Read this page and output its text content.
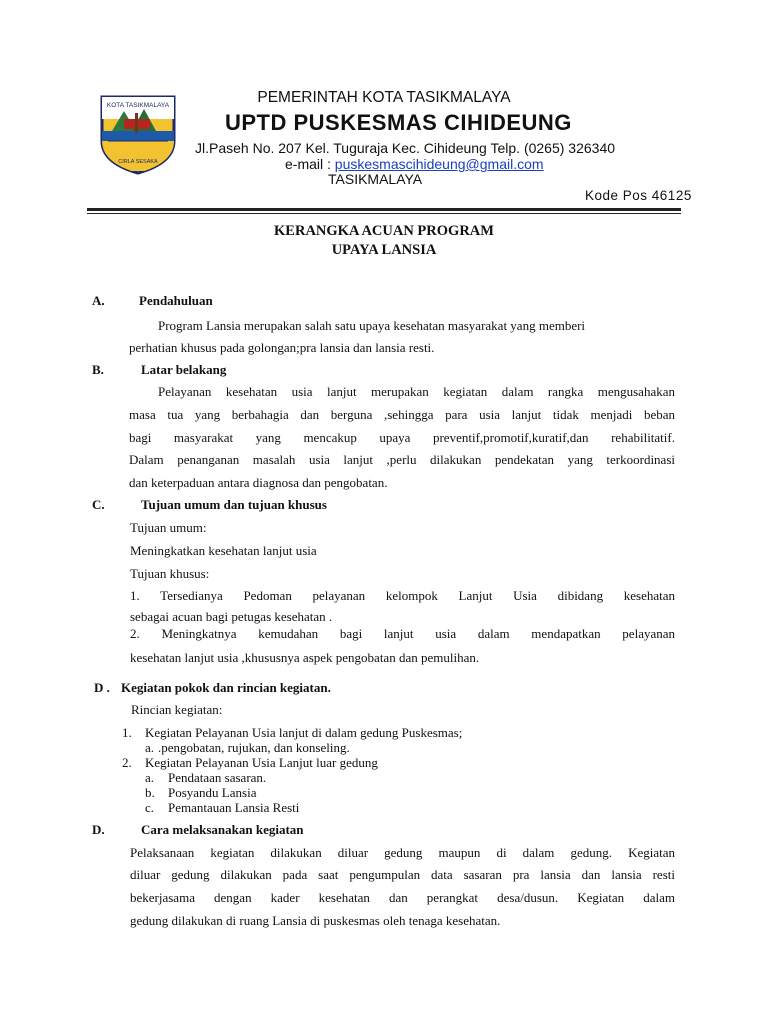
KOTA TASIKMALAYA
CIRLA SESAKA
PEMERINTAH KOTA TASIKMALAYA
UPTD PUSKESMAS CIHIDEUNG
Jl.Paseh No. 207 Kel. Tuguraja Kec. Cihideung Telp. (0265) 326340
e-mail : puskesmascihideung@gmail.com
TASIKMALAYA
Kode Pos 46125
KERANGKA ACUAN PROGRAM
UPAYA LANSIA
A.	Pendahuluan
Program Lansia merupakan salah satu upaya kesehatan masyarakat yang memberi
perhatian khusus pada golongan;pra lansia dan lansia resti.
B.	Latar belakang
Pelayanan kesehatan usia lanjut merupakan kegiatan dalam rangka mengusahakan
masa tua yang berbahagia dan berguna ,sehingga para usia lanjut tidak menjadi beban
bagi masyarakat yang mencakup upaya preventif,promotif,kuratif,dan rehabilitatif.
Dalam penanganan masalah usia lanjut ,perlu dilakukan pendekatan yang terkoordinasi
dan keterpaduan antara diagnosa dan pengobatan.
C.	Tujuan umum dan tujuan khusus
Tujuan umum:
Meningkatkan kesehatan lanjut usia
Tujuan khusus:
1. Tersedianya Pedoman pelayanan kelompok Lanjut Usia dibidang kesehatan
sebagai acuan bagi petugas kesehatan .
2. Meningkatnya kemudahan bagi lanjut usia dalam mendapatkan pelayanan
kesehatan lanjut usia ,khususnya aspek pengobatan dan pemulihan.
D . Kegiatan pokok dan rincian kegiatan.
Rincian kegiatan:
1. Kegiatan Pelayanan Usia lanjut di dalam gedung Puskesmas;
a. .pengobatan, rujukan, dan konseling.
2. Kegiatan Pelayanan Usia Lanjut luar gedung
a. Pendataan sasaran.
b. Posyandu Lansia
c. Pemantauan Lansia Resti
D.	Cara melaksanakan kegiatan
Pelaksanaan kegiatan dilakukan diluar gedung maupun di dalam gedung. Kegiatan
diluar gedung dilakukan pada saat pengumpulan data sasaran pra lansia dan lansia resti
bekerjasama dengan kader kesehatan dan perangkat desa/dusun. Kegiatan dalam
gedung dilakukan di ruang Lansia di puskesmas oleh tenaga kesehatan.
